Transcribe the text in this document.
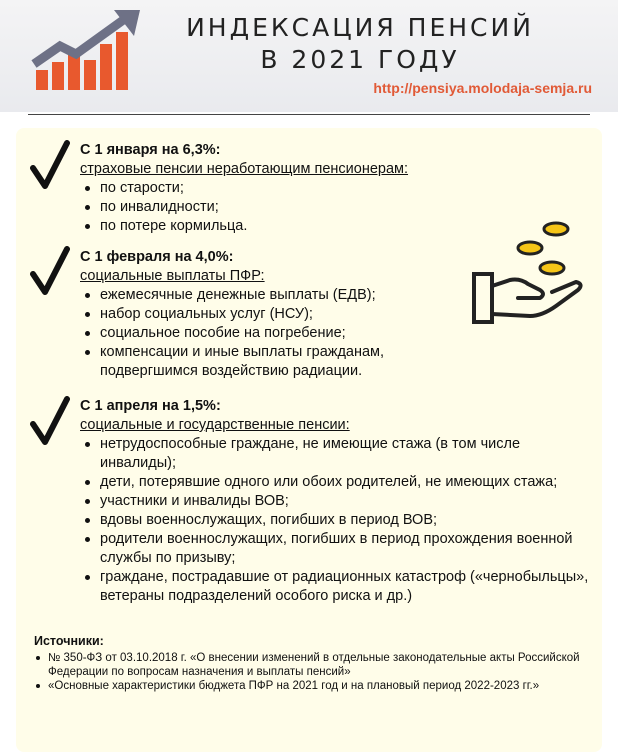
ИНДЕКСАЦИЯ ПЕНСИЙ
В 2021 ГОДУ
http://pensiya.molodaja-semja.ru
С 1 января на 6,3%:
страховые пенсии неработающим пенсионерам:
по старости;
по инвалидности;
по потере кормильца.
С 1 февраля на 4,0%:
социальные выплаты ПФР:
ежемесячные денежные выплаты (ЕДВ);
набор социальных услуг (НСУ);
социальное пособие на погребение;
компенсации и иные выплаты гражданам, подвергшимся воздействию радиации.
С 1 апреля на 1,5%:
социальные и государственные пенсии:
нетрудоспособные граждане, не имеющие стажа (в том числе инвалиды);
дети, потерявшие одного или обоих родителей, не имеющих стажа;
участники и инвалиды ВОВ;
вдовы военнослужащих, погибших в период ВОВ;
родители военнослужащих, погибших в период прохождения военной службы по призыву;
граждане, пострадавшие от радиационных катастроф («чернобыльцы», ветераны подразделений особого риска и др.)
Источники:
№ 350-ФЗ от 03.10.2018 г. «О внесении изменений в отдельные законодательные акты Российской Федерации по вопросам назначения и выплаты пенсий»
«Основные характеристики бюджета ПФР на 2021 год и на плановый период 2022-2023 гг.»
